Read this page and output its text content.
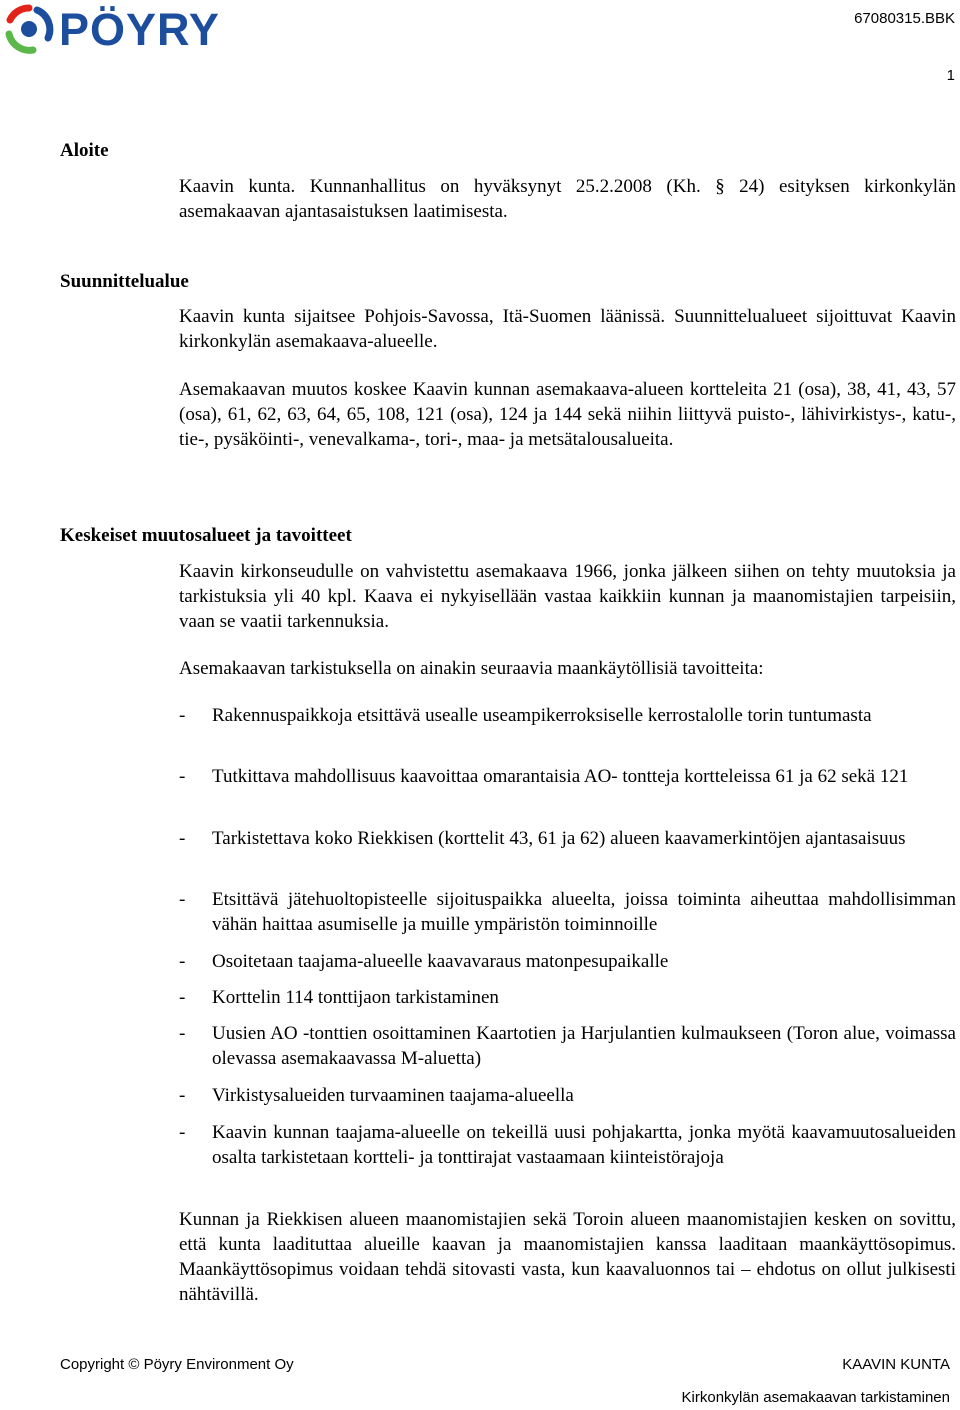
PÖYRY	67080315.BBK
1
Aloite
Kaavin kunta. Kunnanhallitus on hyväksynyt 25.2.2008 (Kh. § 24) esityksen kirkonkylän asemakaavan ajantasaistuksen laatimisesta.
Suunnittelualue
Kaavin kunta sijaitsee Pohjois-Savossa, Itä-Suomen läänissä. Suunnittelualueet sijoittuvat Kaavin kirkonkylän asemakaava-alueelle.
Asemakaavan muutos koskee Kaavin kunnan asemakaava-alueen kortteleita 21 (osa), 38, 41, 43, 57 (osa), 61, 62, 63, 64, 65, 108, 121 (osa), 124 ja 144 sekä niihin liittyvä puisto-, lähivirkistys-, katu-, tie-, pysäköinti-, venevalkama-, tori-, maa- ja metsätalousalueita.
Keskeiset muutosalueet ja tavoitteet
Kaavin kirkonseudulle on vahvistettu asemakaava 1966, jonka jälkeen siihen on tehty muutoksia ja tarkistuksia yli 40 kpl. Kaava ei nykyisellään vastaa kaikkiin kunnan ja maanomistajien tarpeisiin, vaan se vaatii tarkennuksia.
Asemakaavan tarkistuksella on ainakin seuraavia maankäytöllisiä tavoitteita:
- Rakennuspaikkoja etsittävä usealle useampikerroksiselle kerrostalolle torin tuntumasta
- Tutkittava mahdollisuus kaavoittaa omarantaisia AO- tontteja kortteleissa 61 ja 62 sekä 121
- Tarkistettava koko Riekkisen (korttelit 43, 61 ja 62) alueen kaavamerkintöjen ajantasaisuus
- Etsittävä jätehuoltopisteelle sijoituspaikka alueelta, joissa toiminta aiheuttaa mahdollisimman vähän haittaa asumiselle ja muille ympäristön toiminnoille
- Osoitetaan taajama-alueelle kaavavaraus matonpesupaikalle
- Korttelin 114 tonttijaon tarkistaminen
- Uusien AO -tonttien osoittaminen Kaartotien ja Harjulantien kulmaukseen (Toron alue, voimassa olevassa asemakaavassa M-aluetta)
- Virkistysalueiden turvaaminen taajama-alueella
- Kaavin kunnan taajama-alueelle on tekeillä uusi pohjakartta, jonka myötä kaavamuutosalueiden osalta tarkistetaan kortteli- ja tonttirajat vastaamaan kiinteistörajoja
Kunnan ja Riekkisen alueen maanomistajien sekä Toroin alueen maanomistajien kesken on sovittu, että kunta laadituttaa alueille kaavan ja maanomistajien kanssa laaditaan maankäyttösopimus. Maankäyttösopimus voidaan tehdä sitovasti vasta, kun kaavaluonnos tai – ehdotus on ollut julkisesti nähtävillä.
Copyright © Pöyry Environment Oy	KAAVIN KUNTA
Kirkonkylän asemakaavan tarkistaminen
